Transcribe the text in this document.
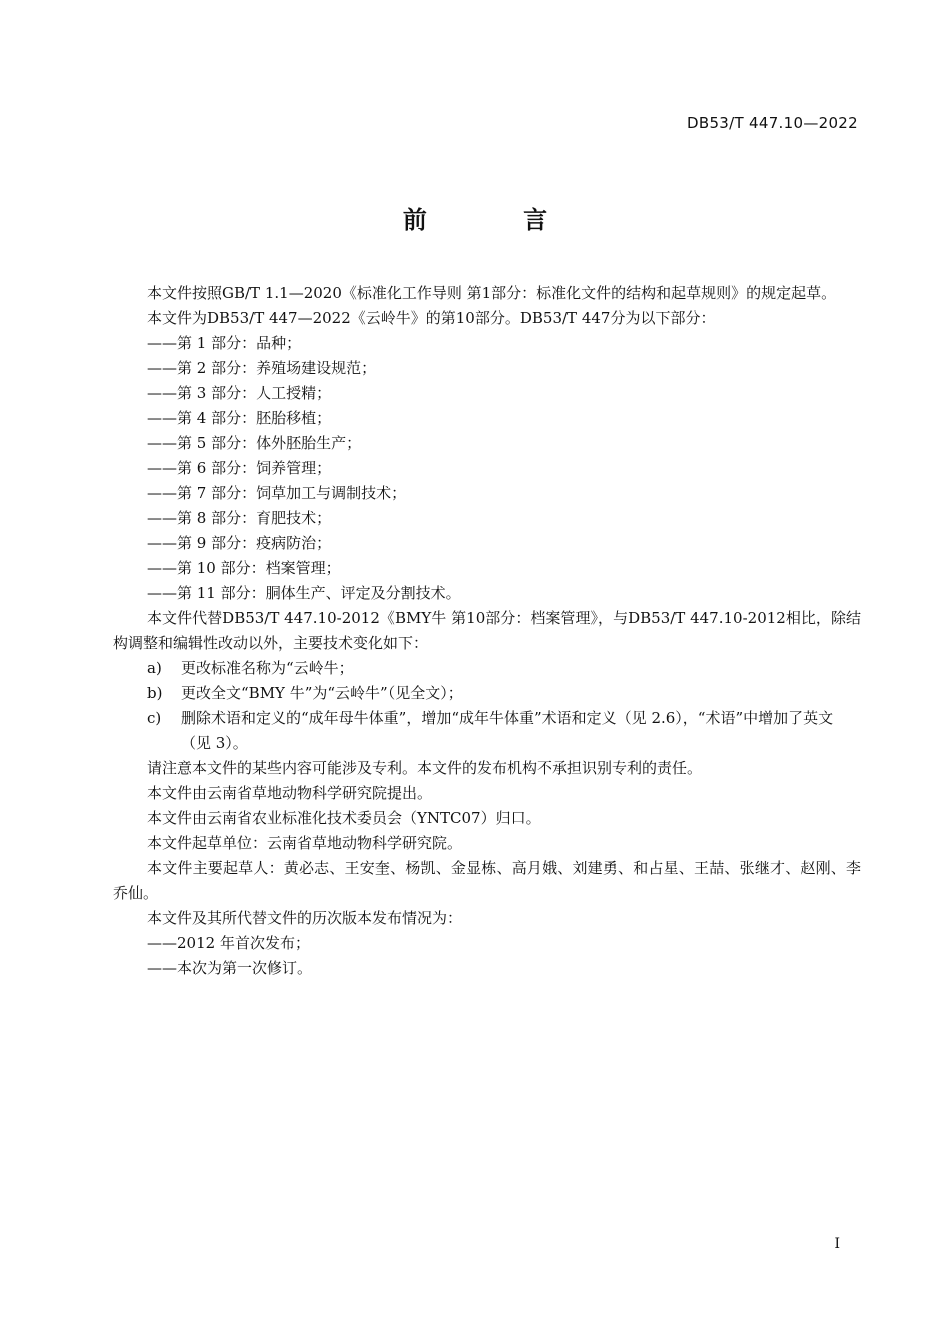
DB53/T 447.10—2022
前 言
本文件按照GB/T 1.1—2020《标准化工作导则 第1部分：标准化文件的结构和起草规则》的规定起草。
本文件为DB53/T 447—2022《云岭牛》的第10部分。DB53/T 447分为以下部分：
——第 1 部分：品种；
——第 2 部分：养殖场建设规范；
——第 3 部分：人工授精；
——第 4 部分：胚胎移植；
——第 5 部分：体外胚胎生产；
——第 6 部分：饲养管理；
——第 7 部分：饲草加工与调制技术；
——第 8 部分：育肥技术；
——第 9 部分：疫病防治；
——第 10 部分：档案管理；
——第 11 部分：胴体生产、评定及分割技术。
本文件代替DB53/T 447.10-2012《BMY牛 第10部分：档案管理》，与DB53/T 447.10-2012相比，除结构调整和编辑性改动以外，主要技术变化如下：
a)	更改标准名称为“云岭牛；
b)	更改全文“BMY 牛”为“云岭牛”（见全文）；
c)	删除术语和定义的“成年母牛体重”，增加“成年牛体重”术语和定义（见 2.6），“术语”中增加了英文（见 3）。
请注意本文件的某些内容可能涉及专利。本文件的发布机构不承担识别专利的责任。
本文件由云南省草地动物科学研究院提出。
本文件由云南省农业标准化技术委员会（YNTC07）归口。
本文件起草单位：云南省草地动物科学研究院。
本文件主要起草人：黄必志、王安奎、杨凯、金显栋、高月娥、刘建勇、和占星、王喆、张继才、赵刚、李乔仙。
本文件及其所代替文件的历次版本发布情况为：
——2012 年首次发布；
——本次为第一次修订。
I
